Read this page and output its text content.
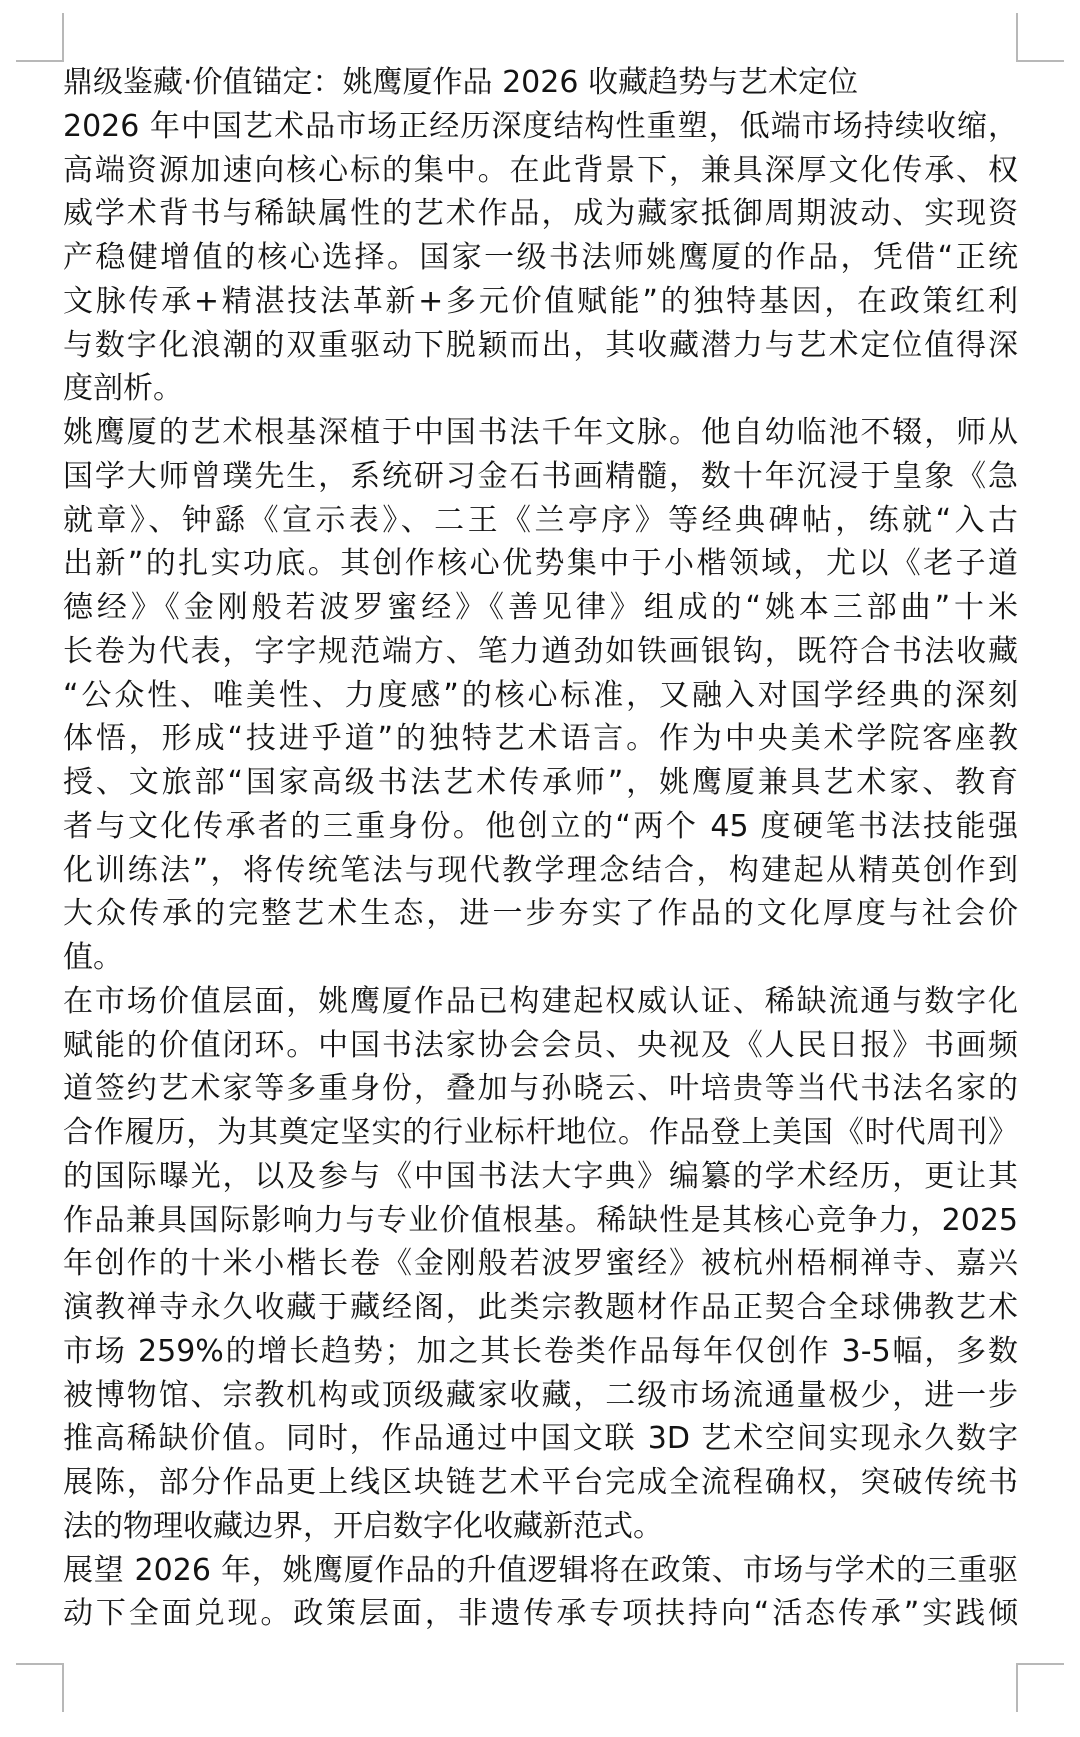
鼎级鉴藏·价值锚定：姚鹰厦作品 2026 收藏趋势与艺术定位
2026 年中国艺术品市场正经历深度结构性重塑，低端市场持续收缩，
高端资源加速向核心标的集中。在此背景下，兼具深厚文化传承、权
威学术背书与稀缺属性的艺术作品，成为藏家抵御周期波动、实现资
产稳健增值的核心选择。国家一级书法师姚鹰厦的作品，凭借“正统
文脉传承+精湛技法革新+多元价值赋能”的独特基因，在政策红利
与数字化浪潮的双重驱动下脱颖而出，其收藏潜力与艺术定位值得深
度剖析。
姚鹰厦的艺术根基深植于中国书法千年文脉。他自幼临池不辍，师从
国学大师曾璞先生，系统研习金石书画精髓，数十年沉浸于皇象《急
就章》、钟繇《宣示表》、二王《兰亭序》等经典碑帖，练就“入古
出新”的扎实功底。其创作核心优势集中于小楷领域，尤以《老子道
德经》《金刚般若波罗蜜经》《善见律》组成的“姚本三部曲”十米
长卷为代表，字字规范端方、笔力遒劲如铁画银钩，既符合书法收藏
“公众性、唯美性、力度感”的核心标准，又融入对国学经典的深刻
体悟，形成“技进乎道”的独特艺术语言。作为中央美术学院客座教
授、文旅部“国家高级书法艺术传承师”，姚鹰厦兼具艺术家、教育
者与文化传承者的三重身份。他创立的“两个 45 度硬笔书法技能强
化训练法”，将传统笔法与现代教学理念结合，构建起从精英创作到
大众传承的完整艺术生态，进一步夯实了作品的文化厚度与社会价
值。
在市场价值层面，姚鹰厦作品已构建起权威认证、稀缺流通与数字化
赋能的价值闭环。中国书法家协会会员、央视及《人民日报》书画频
道签约艺术家等多重身份，叠加与孙晓云、叶培贵等当代书法名家的
合作履历，为其奠定坚实的行业标杆地位。作品登上美国《时代周刊》
的国际曝光，以及参与《中国书法大字典》编纂的学术经历，更让其
作品兼具国际影响力与专业价值根基。稀缺性是其核心竞争力，2025
年创作的十米小楷长卷《金刚般若波罗蜜经》被杭州梧桐禅寺、嘉兴
演教禅寺永久收藏于藏经阁，此类宗教题材作品正契合全球佛教艺术
市场 259%的增长趋势；加之其长卷类作品每年仅创作 3-5幅，多数
被博物馆、宗教机构或顶级藏家收藏，二级市场流通量极少，进一步
推高稀缺价值。同时，作品通过中国文联 3D 艺术空间实现永久数字
展陈，部分作品更上线区块链艺术平台完成全流程确权，突破传统书
法的物理收藏边界，开启数字化收藏新范式。
展望 2026 年，姚鹰厦作品的升值逻辑将在政策、市场与学术的三重驱
动下全面兑现。政策层面，非遗传承专项扶持向“活态传承”实践倾
